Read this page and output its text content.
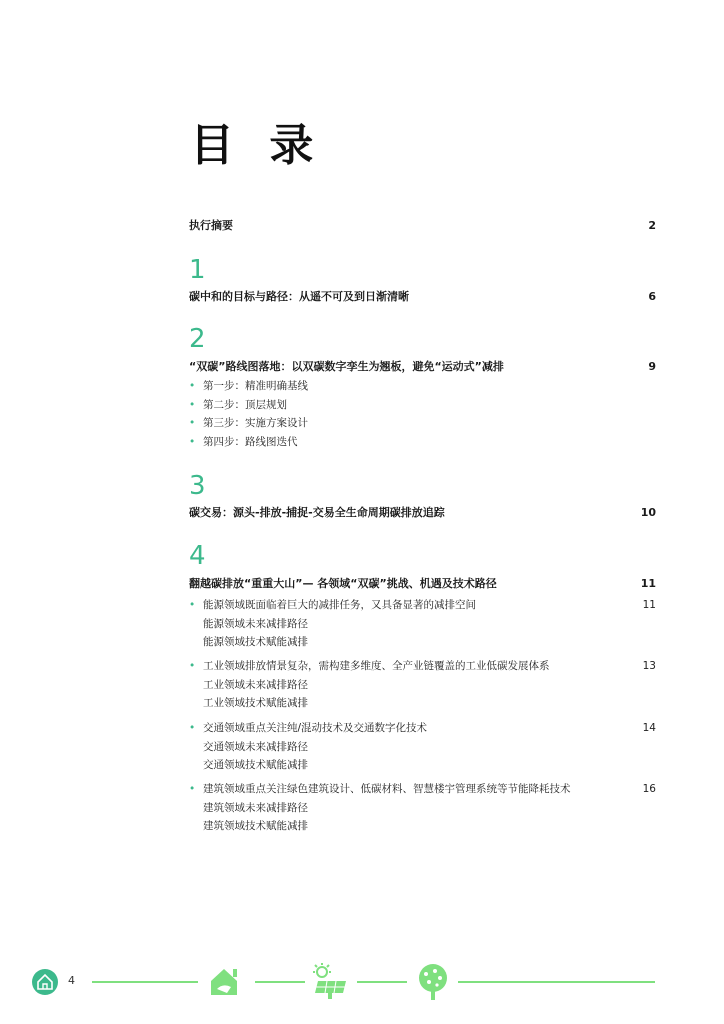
目 录
执行摘要	2
1
碳中和的目标与路径：从遥不可及到日渐清晰	6
2
“双碳”路线图落地：以双碳数字孪生为翘板，避免“运动式”减排	9
• 第一步：精准明确基线
• 第二步：顶层规划
• 第三步：实施方案设计
• 第四步：路线图迭代
3
碳交易：源头-排放-捕捉-交易全生命周期碳排放追踪	10
4
翻越碳排放“重重大山”— 各领域“双碳”挑战、机遇及技术路径	11
• 能源领域既面临着巨大的减排任务，又具备显著的减排空间	11
能源领域未来减排路径
能源领域技术赋能减排
• 工业领域排放情景复杂，需构建多维度、全产业链覆盖的工业低碳发展体系	13
工业领域未来减排路径
工业领域技术赋能减排
• 交通领域重点关注纯/混动技术及交通数字化技术	14
交通领域未来减排路径
交通领域技术赋能减排
• 建筑领域重点关注绿色建筑设计、低碳材料、智慧楼宇管理系统等节能降耗技术	16
建筑领域未来减排路径
建筑领域技术赋能减排
4
